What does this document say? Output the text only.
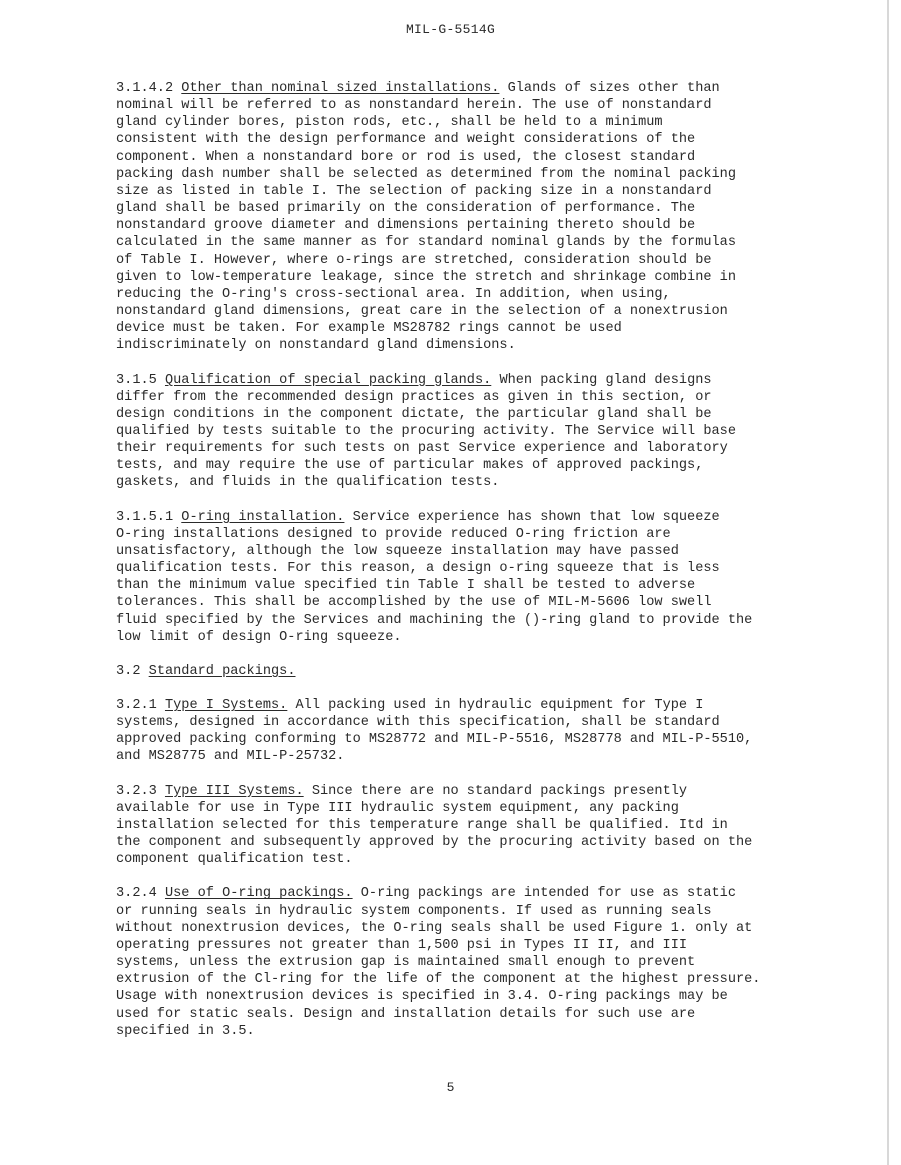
MIL-G-5514G

3.1.4.2 Other than nominal sized installations. Glands of sizes other than
nominal will be referred to as nonstandard herein. The use of nonstandard
gland cylinder bores, piston rods, etc., shall be held to a minimum
consistent with the design performance and weight considerations of the
component. When a nonstandard bore or rod is used, the closest standard
packing dash number shall be selected as determined from the nominal packing
size as listed in table I. The selection of packing size in a nonstandard
gland shall be based primarily on the consideration of performance. The
nonstandard groove diameter and dimensions pertaining thereto should be
calculated in the same manner as for standard nominal glands by the formulas
of Table I. However, where o-rings are stretched, consideration should be
given to low-temperature leakage, since the stretch and shrinkage combine in
reducing the O-ring's cross-sectional area. In addition, when using,
nonstandard gland dimensions, great care in the selection of a nonextrusion
device must be taken. For example MS28782 rings cannot be used
indiscriminately on nonstandard gland dimensions.

3.1.5 Qualification of special packing glands. When packing gland designs
differ from the recommended design practices as given in this section, or
design conditions in the component dictate, the particular gland shall be
qualified by tests suitable to the procuring activity. The Service will base
their requirements for such tests on past Service experience and laboratory
tests, and may require the use of particular makes of approved packings,
gaskets, and fluids in the qualification tests.

3.1.5.1 O-ring installation. Service experience has shown that low squeeze
O-ring installations designed to provide reduced O-ring friction are
unsatisfactory, although the low squeeze installation may have passed
qualification tests. For this reason, a design o-ring squeeze that is less
than the minimum value specified tin Table I shall be tested to adverse
tolerances. This shall be accomplished by the use of MIL-M-5606 low swell
fluid specified by the Services and machining the ()-ring gland to provide the
low limit of design O-ring squeeze.

3.2 Standard packings.

3.2.1 Type I Systems. All packing used in hydraulic equipment for Type I
systems, designed in accordance with this specification, shall be standard
approved packing conforming to MS28772 and MIL-P-5516, MS28778 and MIL-P-5510,
and MS28775 and MIL-P-25732.

3.2.3 Type III Systems. Since there are no standard packings presently
available for use in Type III hydraulic system equipment, any packing
installation selected for this temperature range shall be qualified. Itd in
the component and subsequently approved by the procuring activity based on the
component qualification test.

3.2.4 Use of O-ring packings. O-ring packings are intended for use as static
or running seals in hydraulic system components. If used as running seals
without nonextrusion devices, the O-ring seals shall be used Figure 1. only at
operating pressures not greater than 1,500 psi in Types II II, and III
systems, unless the extrusion gap is maintained small enough to prevent
extrusion of the Cl-ring for the life of the component at the highest pressure.
Usage with nonextrusion devices is specified in 3.4. O-ring packings may be
used for static seals. Design and installation details for such use are
specified in 3.5.

5
